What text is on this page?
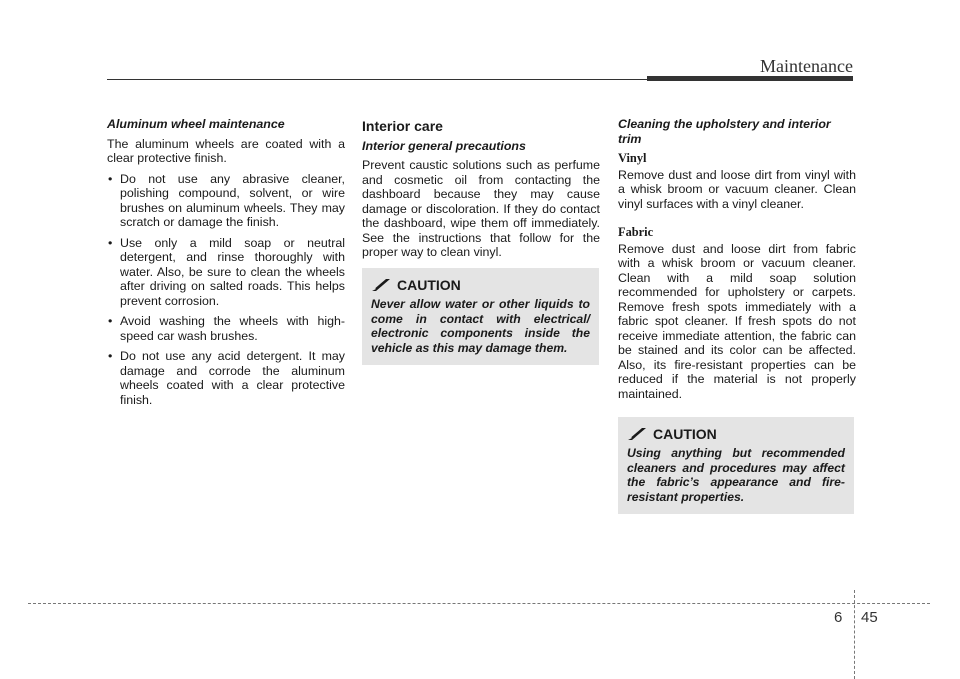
Maintenance
Aluminum wheel maintenance

The aluminum wheels are coated with a clear protective finish.

• Do not use any abrasive cleaner, polishing compound, solvent, or wire brushes on aluminum wheels. They may scratch or damage the finish.
• Use only a mild soap or neutral detergent, and rinse thoroughly with water. Also, be sure to clean the wheels after driving on salted roads. This helps prevent corrosion.
• Avoid washing the wheels with high-speed car wash brushes.
• Do not use any acid detergent. It may damage and corrode the aluminum wheels coated with a clear protective finish.
Interior care
Interior general precautions

Prevent caustic solutions such as perfume and cosmetic oil from contacting the dashboard because they may cause damage or discoloration. If they do contact the dashboard, wipe them off immediately. See the instructions that follow for the proper way to clean vinyl.

CAUTION
Never allow water or other liquids to come in contact with electrical/ electronic components inside the vehicle as this may damage them.
Cleaning the upholstery and interior trim
Vinyl

Remove dust and loose dirt from vinyl with a whisk broom or vacuum cleaner. Clean vinyl surfaces with a vinyl cleaner.

Fabric

Remove dust and loose dirt from fabric with a whisk broom or vacuum cleaner. Clean with a mild soap solution recommended for upholstery or carpets. Remove fresh spots immediately with a fabric spot cleaner. If fresh spots do not receive immediate attention, the fabric can be stained and its color can be affected. Also, its fire-resistant properties can be reduced if the material is not properly maintained.

CAUTION
Using anything but recommended cleaners and procedures may affect the fabric’s appearance and fire-resistant properties.
6 45
